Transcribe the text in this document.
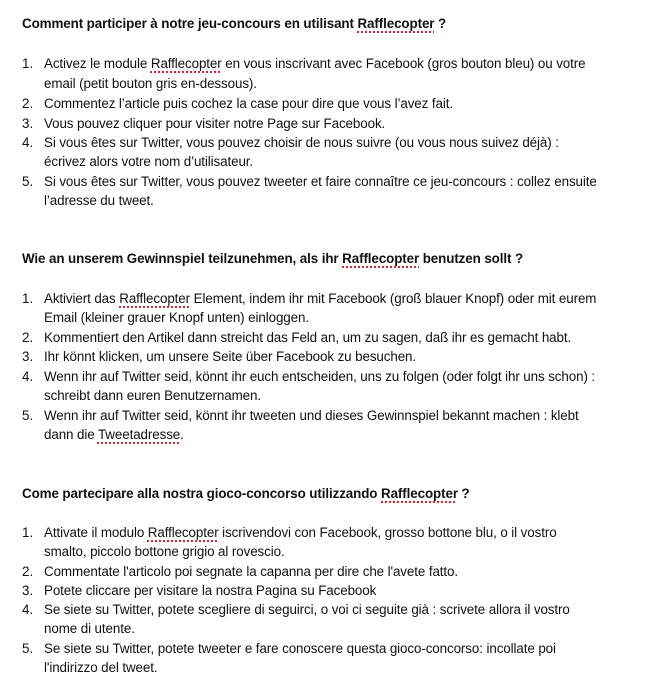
Comment participer à notre jeu-concours en utilisant Rafflecopter ?
1. Activez le module Rafflecopter en vous inscrivant avec Facebook (gros bouton bleu) ou votre
email (petit bouton gris en-dessous).
2. Commentez l’article puis cochez la case pour dire que vous l’avez fait.
3. Vous pouvez cliquer pour visiter notre Page sur Facebook.
4. Si vous êtes sur Twitter, vous pouvez choisir de nous suivre (ou vous nous suivez déjà) :
écrivez alors votre nom d’utilisateur.
5. Si vous êtes sur Twitter, vous pouvez tweeter et faire connaître ce jeu-concours : collez ensuite
l’adresse du tweet.
Wie an unserem Gewinnspiel teilzunehmen, als ihr Rafflecopter benutzen sollt ?
1. Aktiviert das Rafflecopter Element, indem ihr mit Facebook (groß blauer Knopf) oder mit eurem
Email (kleiner grauer Knopf unten) einloggen.
2. Kommentiert den Artikel dann streicht das Feld an, um zu sagen, daß ihr es gemacht habt.
3. Ihr könnt klicken, um unsere Seite über Facebook zu besuchen.
4. Wenn ihr auf Twitter seid, könnt ihr euch entscheiden, uns zu folgen (oder folgt ihr uns schon) :
schreibt dann euren Benutzernamen.
5. Wenn ihr auf Twitter seid, könnt ihr tweeten und dieses Gewinnspiel bekannt machen : klebt
dann die Tweetadresse.
Come partecipare alla nostra gioco-concorso utilizzando Rafflecopter ?
1. Attivate il modulo Rafflecopter iscrivendovi con Facebook, grosso bottone blu, o il vostro
smalto, piccolo bottone grigio al rovescio.
2. Commentate l'articolo poi segnate la capanna per dire che l'avete fatto.
3. Potete cliccare per visitare la nostra Pagina su Facebook
4. Se siete su Twitter, potete scegliere di seguirci, o voi ci seguite già : scrivete allora il vostro
nome di utente.
5. Se siete su Twitter, potete tweeter e fare conoscere questa gioco-concorso: incollate poi
l'indirizzo del tweet.
